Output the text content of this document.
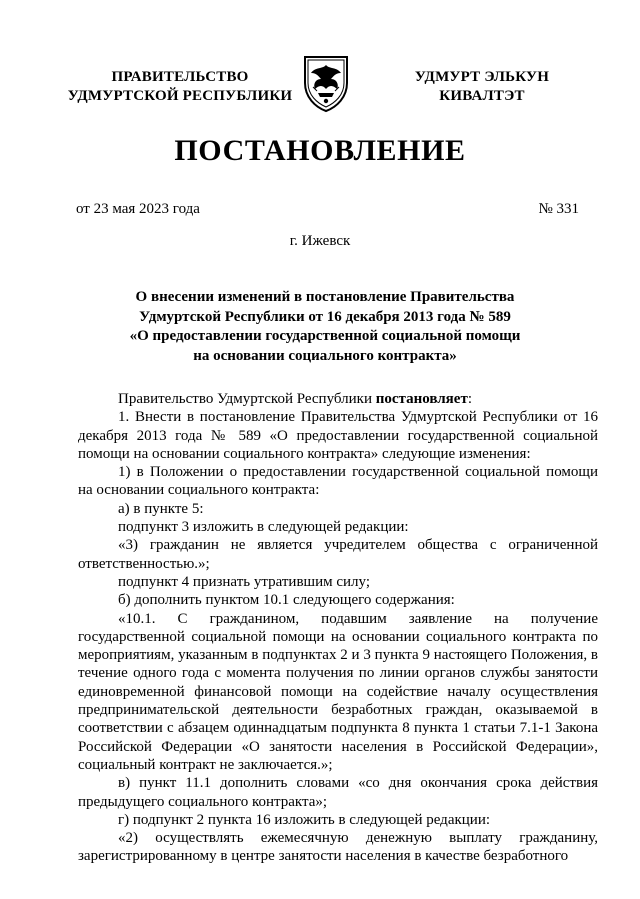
ПРАВИТЕЛЬСТВО
УДМУРТСКОЙ РЕСПУБЛИКИ
УДМУРТ ЭЛЬКУН
КИВАЛТЭТ
ПОСТАНОВЛЕНИЕ
от 23 мая 2023 года	№ 331
г. Ижевск
О внесении изменений в постановление Правительства
Удмуртской Республики от 16 декабря 2013 года № 589
«О предоставлении государственной социальной помощи
на основании социального контракта»

Правительство Удмуртской Республики постановляет:

1. Внести в постановление Правительства Удмуртской Республики от 16 декабря 2013 года № 589 «О предоставлении государственной социальной помощи на основании социального контракта» следующие изменения:

1) в Положении о предоставлении государственной социальной помощи на основании социального контракта:

а) в пункте 5:

подпункт 3 изложить в следующей редакции:

«3) гражданин не является учредителем общества с ограниченной ответственностью.»;

подпункт 4 признать утратившим силу;

б) дополнить пунктом 10.1 следующего содержания:

«10.1. С гражданином, подавшим заявление на получение государственной социальной помощи на основании социального контракта по мероприятиям, указанным в подпунктах 2 и 3 пункта 9 настоящего Положения, в течение одного года с момента получения по линии органов службы занятости единовременной финансовой помощи на содействие началу осуществления предпринимательской деятельности безработных граждан, оказываемой в соответствии с абзацем одиннадцатым подпункта 8 пункта 1 статьи 7.1-1 Закона Российской Федерации «О занятости населения в Российской Федерации», социальный контракт не заключается.»;

в) пункт 11.1 дополнить словами «со дня окончания срока действия предыдущего социального контракта»;

г) подпункт 2 пункта 16 изложить в следующей редакции:

«2) осуществлять ежемесячную денежную выплату гражданину, зарегистрированному в центре занятости населения в качестве безработного
